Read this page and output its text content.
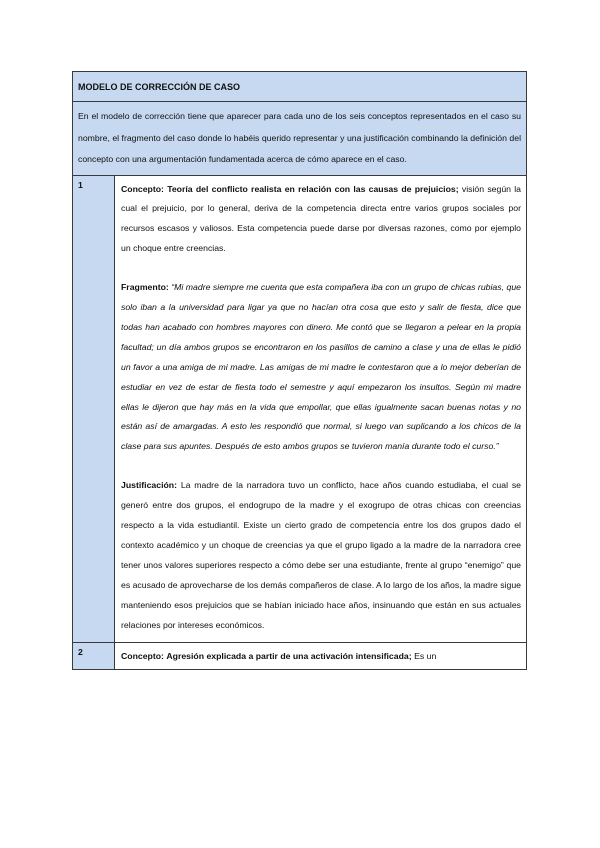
MODELO DE CORRECCIÓN DE CASO	
En el modelo de corrección tiene que aparecer para cada uno de los seis conceptos representados en el caso su nombre, el fragmento del caso donde lo habéis querido representar y una justificación combinando la definición del concepto con una argumentación fundamentada acerca de cómo aparece en el caso.	
1	Concepto: Teoría del conflicto realista en relación con las causas de prejuicios; visión según la cual el prejuicio, por lo general, deriva de la competencia directa entre varios grupos sociales por recursos escasos y valiosos. Esta competencia puede darse por diversas razones, como por ejemplo un choque entre creencias.

Fragmento: “Mi madre siempre me cuenta que esta compañera iba con un grupo de chicas rubias, que solo iban a la universidad para ligar ya que no hacían otra cosa que esto y salir de fiesta, dice que todas han acabado con hombres mayores con dinero. Me contó que se llegaron a pelear en la propia facultad; un día ambos grupos se encontraron en los pasillos de camino a clase y una de ellas le pidió un favor a una amiga de mi madre. Las amigas de mi madre le contestaron que a lo mejor deberían de estudiar en vez de estar de fiesta todo el semestre y aquí empezaron los insultos. Según mi madre ellas le dijeron que hay más en la vida que empollar, que ellas igualmente sacan buenas notas y no están así de amargadas. A esto les respondió que normal, si luego van suplicando a los chicos de la clase para sus apuntes. Después de esto ambos grupos se tuvieron manía durante todo el curso.”

Justificación: La madre de la narradora tuvo un conflicto, hace años cuando estudiaba, el cual se generó entre dos grupos, el endogrupo de la madre y el exogrupo de otras chicas con creencias respecto a la vida estudiantil. Existe un cierto grado de competencia entre los dos grupos dado el contexto académico y un choque de creencias ya que el grupo ligado a la madre de la narradora cree tener unos valores superiores respecto a cómo debe ser una estudiante, frente al grupo “enemigo” que es acusado de aprovecharse de los demás compañeros de clase. A lo largo de los años, la madre sigue manteniendo esos prejuicios que se habían iniciado hace años, insinuando que están en sus actuales relaciones por intereses económicos.

2	Concepto: Agresión explicada a partir de una activación intensificada; Es un
